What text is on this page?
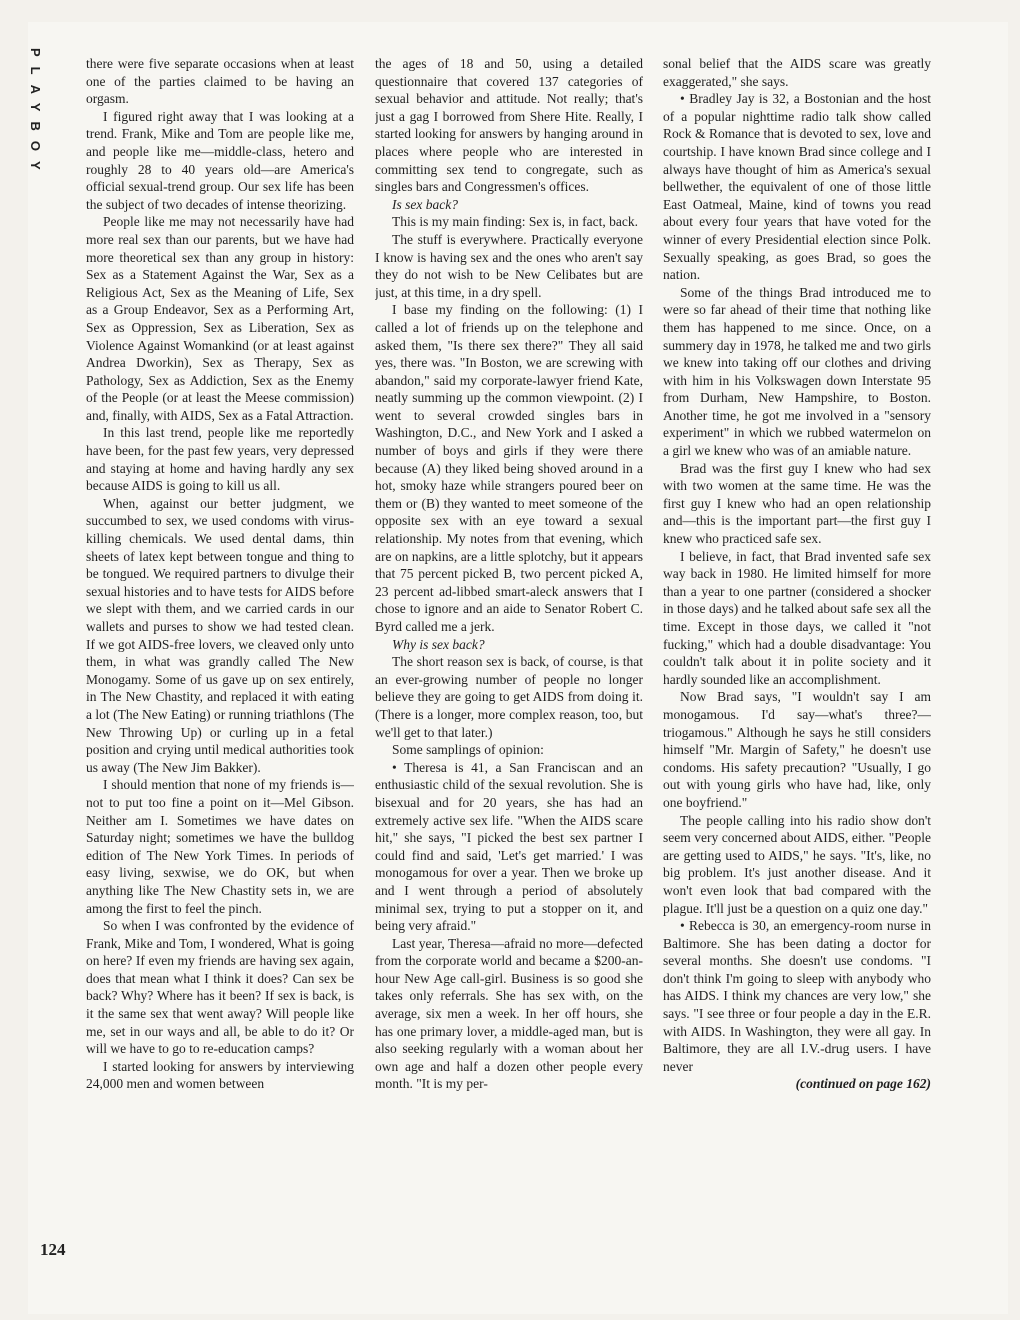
PLAYBOY	there were five separate occasions when at least one of the parties claimed to be having an orgasm.

I figured right away that I was looking at a trend. Frank, Mike and Tom are people like me, and people like me—middle-class, hetero and roughly 28 to 40 years old—are America's official sexual-trend group. Our sex life has been the subject of two decades of intense theorizing.

People like me may not necessarily have had more real sex than our parents, but we have had more theoretical sex than any group in history: Sex as a Statement Against the War, Sex as a Religious Act, Sex as the Meaning of Life, Sex as a Group Endeavor, Sex as a Performing Art, Sex as Oppression, Sex as Liberation, Sex as Violence Against Womankind (or at least against Andrea Dworkin), Sex as Therapy, Sex as Pathology, Sex as Addiction, Sex as the Enemy of the People (or at least the Meese commission) and, finally, with AIDS, Sex as a Fatal Attraction.

In this last trend, people like me reportedly have been, for the past few years, very depressed and staying at home and having hardly any sex because AIDS is going to kill us all.

When, against our better judgment, we succumbed to sex, we used condoms with virus-killing chemicals. We used dental dams, thin sheets of latex kept between tongue and thing to be tongued. We required partners to divulge their sexual histories and to have tests for AIDS before we slept with them, and we carried cards in our wallets and purses to show we had tested clean. If we got AIDS-free lovers, we cleaved only unto them, in what was grandly called The New Monogamy. Some of us gave up on sex entirely, in The New Chastity, and replaced it with eating a lot (The New Eating) or running triathlons (The New Throwing Up) or curling up in a fetal position and crying until medical authorities took us away (The New Jim Bakker).

I should mention that none of my friends is—not to put too fine a point on it—Mel Gibson. Neither am I. Sometimes we have dates on Saturday night; sometimes we have the bulldog edition of The New York Times. In periods of easy living, sexwise, we do OK, but when anything like The New Chastity sets in, we are among the first to feel the pinch.

So when I was confronted by the evidence of Frank, Mike and Tom, I wondered, What is going on here? If even my friends are having sex again, does that mean what I think it does? Can sex be back? Why? Where has it been? If sex is back, is it the same sex that went away? Will people like me, set in our ways and all, be able to do it? Or will we have to go to re-education camps?

I started looking for answers by interviewing 24,000 men and women between

the ages of 18 and 50, using a detailed questionnaire that covered 137 categories of sexual behavior and attitude. Not really; that's just a gag I borrowed from Shere Hite. Really, I started looking for answers by hanging around in places where people who are interested in committing sex tend to congregate, such as singles bars and Congressmen's offices.

Is sex back?

This is my main finding: Sex is, in fact, back.

The stuff is everywhere. Practically everyone I know is having sex and the ones who aren't say they do not wish to be New Celibates but are just, at this time, in a dry spell.

I base my finding on the following: (1) I called a lot of friends up on the telephone and asked them, "Is there sex there?" They all said yes, there was. "In Boston, we are screwing with abandon," said my corporate-lawyer friend Kate, neatly summing up the common viewpoint. (2) I went to several crowded singles bars in Washington, D.C., and New York and I asked a number of boys and girls if they were there because (A) they liked being shoved around in a hot, smoky haze while strangers poured beer on them or (B) they wanted to meet someone of the opposite sex with an eye toward a sexual relationship. My notes from that evening, which are on napkins, are a little splotchy, but it appears that 75 percent picked B, two percent picked A, 23 percent ad-libbed smart-aleck answers that I chose to ignore and an aide to Senator Robert C. Byrd called me a jerk.

Why is sex back?

The short reason sex is back, of course, is that an ever-growing number of people no longer believe they are going to get AIDS from doing it. (There is a longer, more complex reason, too, but we'll get to that later.)

Some samplings of opinion:

• Theresa is 41, a San Franciscan and an enthusiastic child of the sexual revolution. She is bisexual and for 20 years, she has had an extremely active sex life. "When the AIDS scare hit," she says, "I picked the best sex partner I could find and said, 'Let's get married.' I was monogamous for over a year. Then we broke up and I went through a period of absolutely minimal sex, trying to put a stopper on it, and being very afraid."

Last year, Theresa—afraid no more—defected from the corporate world and became a $200-an-hour New Age call-girl. Business is so good she takes only referrals. She has sex with, on the average, six men a week. In her off hours, she has one primary lover, a middle-aged man, but is also seeking regularly with a woman about her own age and half a dozen other people every month. "It is my per-

sonal belief that the AIDS scare was greatly exaggerated," she says.

• Bradley Jay is 32, a Bostonian and the host of a popular nighttime radio talk show called Rock & Romance that is devoted to sex, love and courtship. I have known Brad since college and I always have thought of him as America's sexual bellwether, the equivalent of one of those little East Oatmeal, Maine, kind of towns you read about every four years that have voted for the winner of every Presidential election since Polk. Sexually speaking, as goes Brad, so goes the nation.

Some of the things Brad introduced me to were so far ahead of their time that nothing like them has happened to me since. Once, on a summery day in 1978, he talked me and two girls we knew into taking off our clothes and driving with him in his Volkswagen down Interstate 95 from Durham, New Hampshire, to Boston. Another time, he got me involved in a "sensory experiment" in which we rubbed watermelon on a girl we knew who was of an amiable nature.

Brad was the first guy I knew who had sex with two women at the same time. He was the first guy I knew who had an open relationship and—this is the important part—the first guy I knew who practiced safe sex.

I believe, in fact, that Brad invented safe sex way back in 1980. He limited himself for more than a year to one partner (considered a shocker in those days) and he talked about safe sex all the time. Except in those days, we called it "not fucking," which had a double disadvantage: You couldn't talk about it in polite society and it hardly sounded like an accomplishment.

Now Brad says, "I wouldn't say I am monogamous. I'd say—what's three?—triogamous." Although he says he still considers himself "Mr. Margin of Safety," he doesn't use condoms. His safety precaution? "Usually, I go out with young girls who have had, like, only one boyfriend."

The people calling into his radio show don't seem very concerned about AIDS, either. "People are getting used to AIDS," he says. "It's, like, no big problem. It's just another disease. And it won't even look that bad compared with the plague. It'll just be a question on a quiz one day."

• Rebecca is 30, an emergency-room nurse in Baltimore. She has been dating a doctor for several months. She doesn't use condoms. "I don't think I'm going to sleep with anybody who has AIDS. I think my chances are very low," she says. "I see three or four people a day in the E.R. with AIDS. In Washington, they were all gay. In Baltimore, they are all I.V.-drug users. I have never

(continued on page 162)

124
